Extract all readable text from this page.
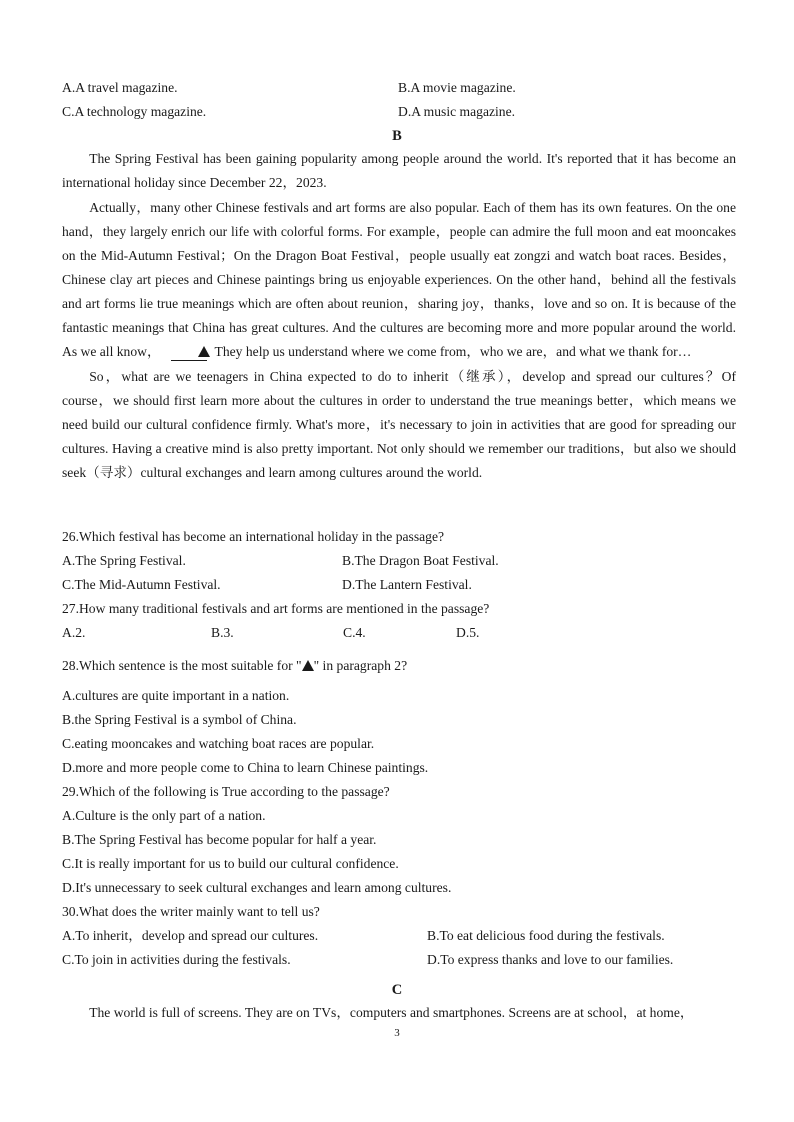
A.A travel magazine.	B.A movie magazine.
C.A technology magazine.	D.A music magazine.
B

The Spring Festival has been gaining popularity among people around the world. It's reported that it has become an international holiday since December 22，2023.

Actually，many other Chinese festivals and art forms are also popular. Each of them has its own features. On the one hand，they largely enrich our life with colorful forms. For example，people can admire the full moon and eat mooncakes on the Mid-Autumn Festival；On the Dragon Boat Festival，people usually eat zongzi and watch boat races. Besides，Chinese clay art pieces and Chinese paintings bring us enjoyable experiences. On the other hand，behind all the festivals and art forms lie true meanings which are often about reunion，sharing joy，thanks，love and so on. It is because of the fantastic meanings that China has great cultures. And the cultures are becoming more and more popular around the world. As we all know，	They help us understand where we come from，who we are，and what we thank for…

So，what are we teenagers in China expected to do to inherit（继承），develop and spread our cultures？Of course，we should first learn more about the cultures in order to understand the true meanings better，which means we need build our cultural confidence firmly. What's more，it's necessary to join in activities that are good for spreading our cultures. Having a creative mind is also pretty important. Not only should we remember our traditions，but also we should seek（寻求）cultural exchanges and learn among cultures around the world.

26.Which festival has become an international holiday in the passage?
A.The Spring Festival.	B.The Dragon Boat Festival.
C.The Mid-Autumn Festival.	D.The Lantern Festival.
27.How many traditional festivals and art forms are mentioned in the passage?
A.2.	B.3.	C.4.	D.5.
28.Which sentence is the most suitable for " " in paragraph 2?
A.cultures are quite important in a nation.
B.the Spring Festival is a symbol of China.
C.eating mooncakes and watching boat races are popular.
D.more and more people come to China to learn Chinese paintings.
29.Which of the following is True according to the passage?
A.Culture is the only part of a nation.
B.The Spring Festival has become popular for half a year.
C.It is really important for us to build our cultural confidence.
D.It's unnecessary to seek cultural exchanges and learn among cultures.
30.What does the writer mainly want to tell us?
A.To inherit，develop and spread our cultures.	B.To eat delicious food during the festivals.
C.To join in activities during the festivals.	D.To express thanks and love to our families.
C

The world is full of screens. They are on TVs，computers and smartphones. Screens are at school，at home，

3
